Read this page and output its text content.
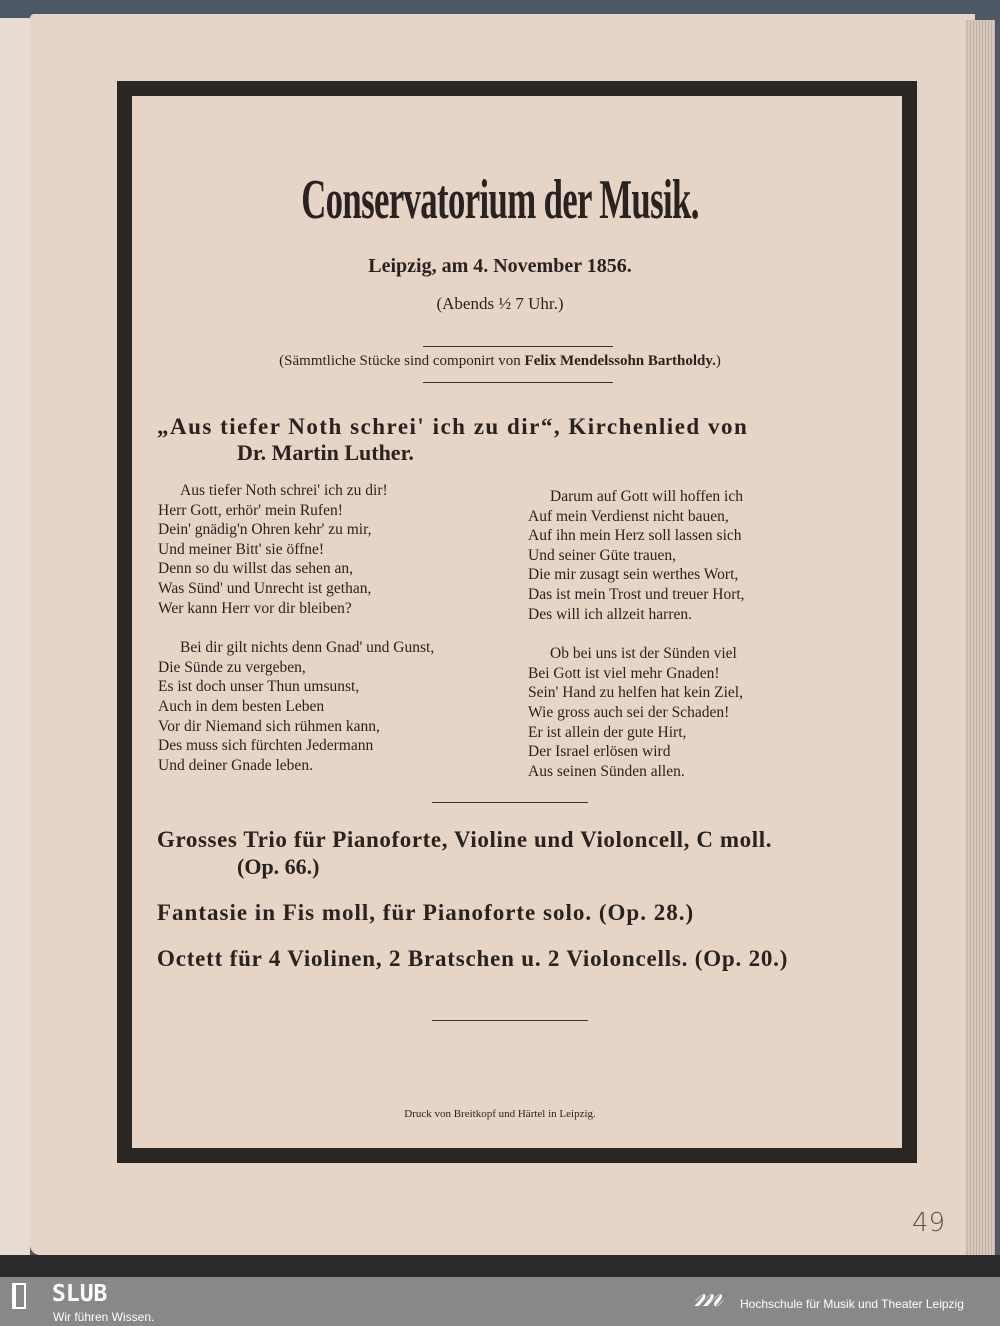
Conservatorium der Musik.
Leipzig, am 4. November 1856.
(Abends ½ 7 Uhr.)
(Sämmtliche Stücke sind componirt von Felix Mendelssohn Bartholdy.)
„Aus tiefer Noth schrei' ich zu dir“, Kirchenlied von
Dr. Martin Luther.
Aus tiefer Noth schrei' ich zu dir!
Herr Gott, erhör' mein Rufen!
Dein' gnädig'n Ohren kehr' zu mir,
Und meiner Bitt' sie öffne!
Denn so du willst das sehen an,
Was Sünd' und Unrecht ist gethan,
Wer kann Herr vor dir bleiben?
Bei dir gilt nichts denn Gnad' und Gunst,
Die Sünde zu vergeben,
Es ist doch unser Thun umsunst,
Auch in dem besten Leben
Vor dir Niemand sich rühmen kann,
Des muss sich fürchten Jedermann
Und deiner Gnade leben.
Darum auf Gott will hoffen ich
Auf mein Verdienst nicht bauen,
Auf ihn mein Herz soll lassen sich
Und seiner Güte trauen,
Die mir zusagt sein werthes Wort,
Das ist mein Trost und treuer Hort,
Des will ich allzeit harren.
Ob bei uns ist der Sünden viel
Bei Gott ist viel mehr Gnaden!
Sein' Hand zu helfen hat kein Ziel,
Wie gross auch sei der Schaden!
Er ist allein der gute Hirt,
Der Israel erlösen wird
Aus seinen Sünden allen.
Grosses Trio für Pianoforte, Violine und Violoncell, C moll.
(Op. 66.)
Fantasie in Fis moll, für Pianoforte solo. (Op. 28.)
Octett für 4 Violinen, 2 Bratschen u. 2 Violoncells. (Op. 20.)
Druck von Breitkopf und Härtel in Leipzig.
49
SLUB
Wir führen Wissen.
𝓂 Hochschule für Musik und Theater Leipzig
